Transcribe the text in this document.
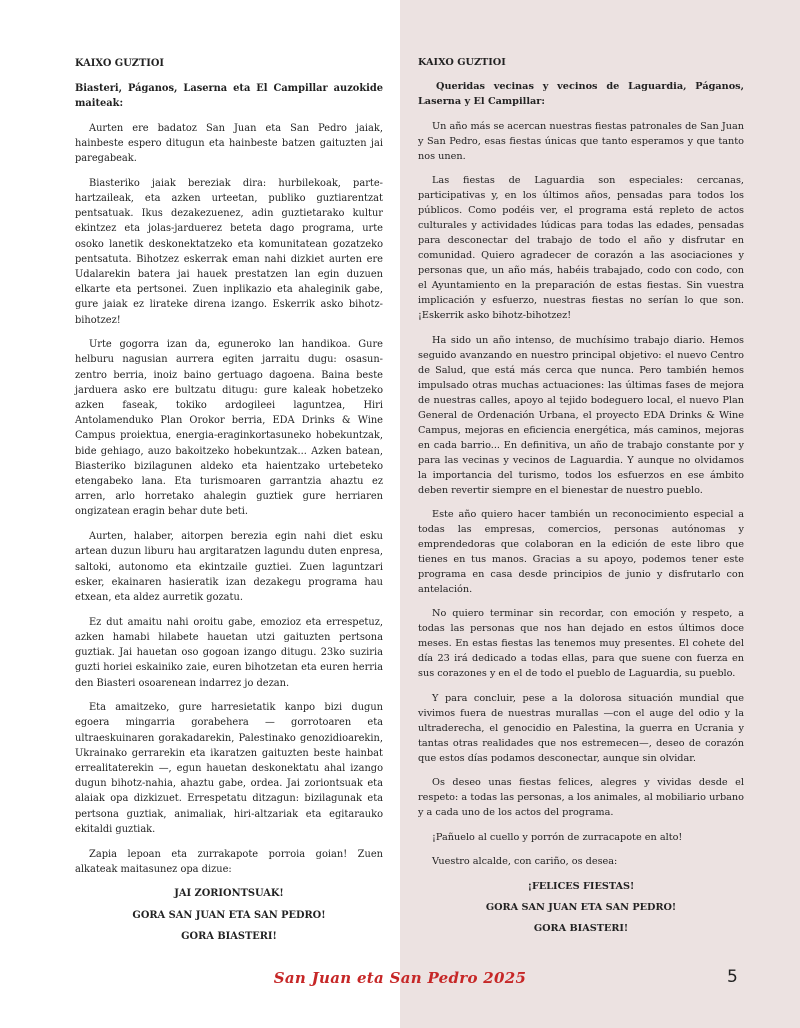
KAIXO GUZTIOI

Biasteri, Páganos, Laserna eta El Campillar auzokide maiteak:

Aurten ere badatoz San Juan eta San Pedro jaiak, hainbeste espero ditugun eta hainbeste batzen gaituzten jai paregabeak.

Biasteriko jaiak bereziak dira: hurbilekoak, parte-hartzaileak, eta azken urteetan, publiko guztiarentzat pentsatuak. Ikus dezakezuenez, adin guztietarako kultur ekintzez eta jolas-jarduerez beteta dago programa, urte osoko lanetik deskonektatzeko eta komunitatean gozatzeko pentsatuta. Bihotzez eskerrak eman nahi dizkiet aurten ere Udalarekin batera jai hauek prestatzen lan egin duzuen elkarte eta pertsonei. Zuen inplikazio eta ahaleginik gabe, gure jaiak ez lirateke direna izango. Eskerrik asko bihotz-bihotzez!

Urte gogorra izan da, eguneroko lan handikoa. Gure helburu nagusian aurrera egiten jarraitu dugu: osasun-zentro berria, inoiz baino gertuago dagoena. Baina beste jarduera asko ere bultzatu ditugu: gure kaleak hobetzeko azken faseak, tokiko ardogileei laguntzea, Hiri Antolamenduko Plan Orokor berria, EDA Drinks & Wine Campus proiektua, energia-eraginkortasuneko hobekuntzak, bide gehiago, auzo bakoitzeko hobekuntzak... Azken batean, Biasteriko bizilagunen aldeko eta haientzako urtebeteko etengabeko lana. Eta turismoaren garrantzia ahaztu ez arren, arlo horretako ahalegin guztiek gure herriaren ongizatean eragin behar dute beti.

Aurten, halaber, aitorpen berezia egin nahi diet esku artean duzun liburu hau argitaratzen lagundu duten enpresa, saltoki, autonomo eta ekintzaile guztiei. Zuen laguntzari esker, ekainaren hasieratik izan dezakegu programa hau etxean, eta aldez aurretik gozatu.

Ez dut amaitu nahi oroitu gabe, emozioz eta errespetuz, azken hamabi hilabete hauetan utzi gaituzten pertsona guztiak. Jai hauetan oso gogoan izango ditugu. 23ko suziria guzti horiei eskainiko zaie, euren bihotzetan eta euren herria den Biasteri osoarenean indarrez jo dezan.

Eta amaitzeko, gure harresietatik kanpo bizi dugun egoera mingarria gorabehera — gorrotoaren eta ultraeskuinaren gorakadarekin, Palestinako genozidioarekin, Ukrainako gerrarekin eta ikaratzen gaituzten beste hainbat errealitaterekin —, egun hauetan deskonektatu ahal izango dugun bihotz-nahia, ahaztu gabe, ordea. Jai zoriontsuak eta alaiak opa dizkizuet. Errespetatu ditzagun: bizilagunak eta pertsona guztiak, animaliak, hiri-altzariak eta egitarauko ekitaldi guztiak.

Zapia lepoan eta zurrakapote porroia goian! Zuen alkateak maitasunez opa dizue:

JAI ZORIONTSUAK!

GORA SAN JUAN ETA SAN PEDRO!

GORA BIASTERI!

KAIXO GUZTIOI

Queridas vecinas y vecinos de Laguardia, Páganos, Laserna y El Campillar:

Un año más se acercan nuestras fiestas patronales de San Juan y San Pedro, esas fiestas únicas que tanto esperamos y que tanto nos unen.

Las fiestas de Laguardia son especiales: cercanas, participativas y, en los últimos años, pensadas para todos los públicos. Como podéis ver, el programa está repleto de actos culturales y actividades lúdicas para todas las edades, pensadas para desconectar del trabajo de todo el año y disfrutar en comunidad. Quiero agradecer de corazón a las asociaciones y personas que, un año más, habéis trabajado, codo con codo, con el Ayuntamiento en la preparación de estas fiestas. Sin vuestra implicación y esfuerzo, nuestras fiestas no serían lo que son. ¡Eskerrik asko bihotz-bihotzez!

Ha sido un año intenso, de muchísimo trabajo diario. Hemos seguido avanzando en nuestro principal objetivo: el nuevo Centro de Salud, que está más cerca que nunca. Pero también hemos impulsado otras muchas actuaciones: las últimas fases de mejora de nuestras calles, apoyo al tejido bodeguero local, el nuevo Plan General de Ordenación Urbana, el proyecto EDA Drinks & Wine Campus, mejoras en eficiencia energética, más caminos, mejoras en cada barrio... En definitiva, un año de trabajo constante por y para las vecinas y vecinos de Laguardia. Y aunque no olvidamos la importancia del turismo, todos los esfuerzos en ese ámbito deben revertir siempre en el bienestar de nuestro pueblo.

Este año quiero hacer también un reconocimiento especial a todas las empresas, comercios, personas autónomas y emprendedoras que colaboran en la edición de este libro que tienes en tus manos. Gracias a su apoyo, podemos tener este programa en casa desde principios de junio y disfrutarlo con antelación.

No quiero terminar sin recordar, con emoción y respeto, a todas las personas que nos han dejado en estos últimos doce meses. En estas fiestas las tenemos muy presentes. El cohete del día 23 irá dedicado a todas ellas, para que suene con fuerza en sus corazones y en el de todo el pueblo de Laguardia, su pueblo.

Y para concluir, pese a la dolorosa situación mundial que vivimos fuera de nuestras murallas —con el auge del odio y la ultraderecha, el genocidio en Palestina, la guerra en Ucrania y tantas otras realidades que nos estremecen—, deseo de corazón que estos días podamos desconectar, aunque sin olvidar.

Os deseo unas fiestas felices, alegres y vividas desde el respeto: a todas las personas, a los animales, al mobiliario urbano y a cada uno de los actos del programa.

¡Pañuelo al cuello y porrón de zurracapote en alto!

Vuestro alcalde, con cariño, os desea:

¡FELICES FIESTAS!

GORA SAN JUAN ETA SAN PEDRO!

GORA BIASTERI!

San Juan eta San Pedro 2025	5
